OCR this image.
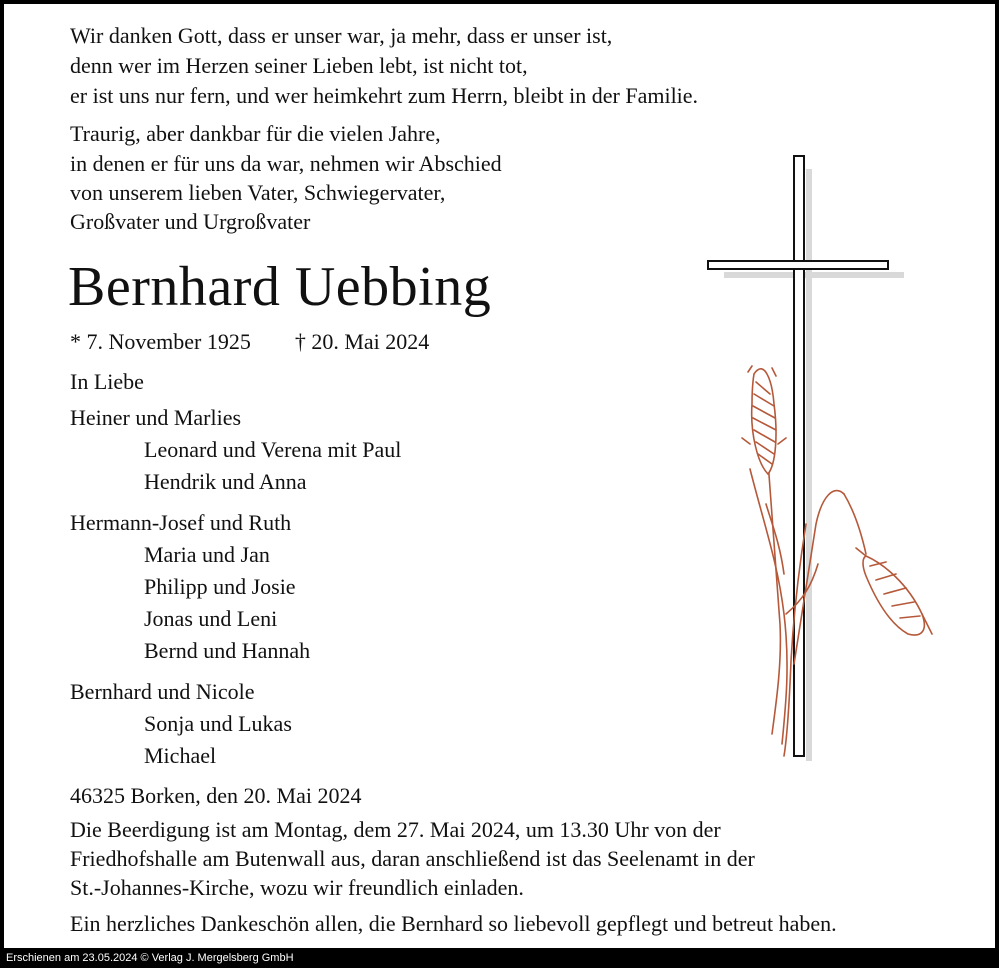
Wir danken Gott, dass er unser war, ja mehr, dass er unser ist,
denn wer im Herzen seiner Lieben lebt, ist nicht tot,
er ist uns nur fern, und wer heimkehrt zum Herrn, bleibt in der Familie.
Traurig, aber dankbar für die vielen Jahre,
in denen er für uns da war, nehmen wir Abschied
von unserem lieben Vater, Schwiegervater,
Großvater und Urgroßvater
Bernhard Uebbing
* 7. November 1925 † 20. Mai 2024
In Liebe
Heiner und Marlies
Leonard und Verena mit Paul
Hendrik und Anna
Hermann-Josef und Ruth
Maria und Jan
Philipp und Josie
Jonas und Leni
Bernd und Hannah
Bernhard und Nicole
Sonja und Lukas
Michael
46325 Borken, den 20. Mai 2024
Die Beerdigung ist am Montag, dem 27. Mai 2024, um 13.30 Uhr von der
Friedhofshalle am Butenwall aus, daran anschließend ist das Seelenamt in der
St.-Johannes-Kirche, wozu wir freundlich einladen.
Ein herzliches Dankeschön allen, die Bernhard so liebevoll gepflegt und betreut haben.
Erschienen am 23.05.2024 © Verlag J. Mergelsberg GmbH
